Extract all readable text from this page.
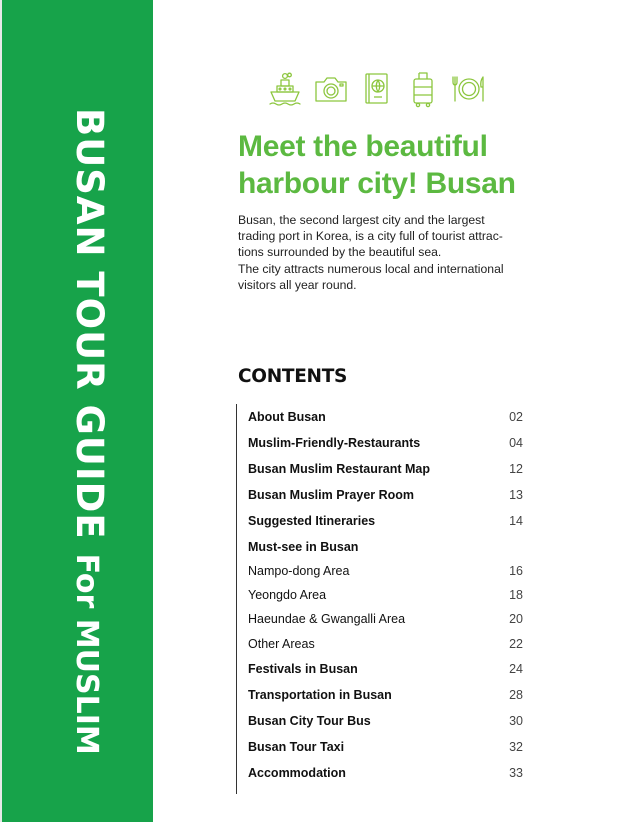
BUSAN TOUR GUIDEFor MUSLIM
Meet the beautiful
harbour city! Busan

Busan, the second largest city and the largest trading port in Korea, is a city full of tourist attrac-tions surrounded by the beautiful sea.

The city attracts numerous local and international visitors all year round.

CONTENTS
About Busan	02
Muslim-Friendly-Restaurants	04
Busan Muslim Restaurant Map	12
Busan Muslim Prayer Room	13
Suggested Itineraries	14
Must-see in Busan
Nampo-dong Area	16
Yeongdo Area	18
Haeundae & Gwangalli Area	20
Other Areas	22
Festivals in Busan	24
Transportation in Busan	28
Busan City Tour Bus	30
Busan Tour Taxi	32
Accommodation	33
